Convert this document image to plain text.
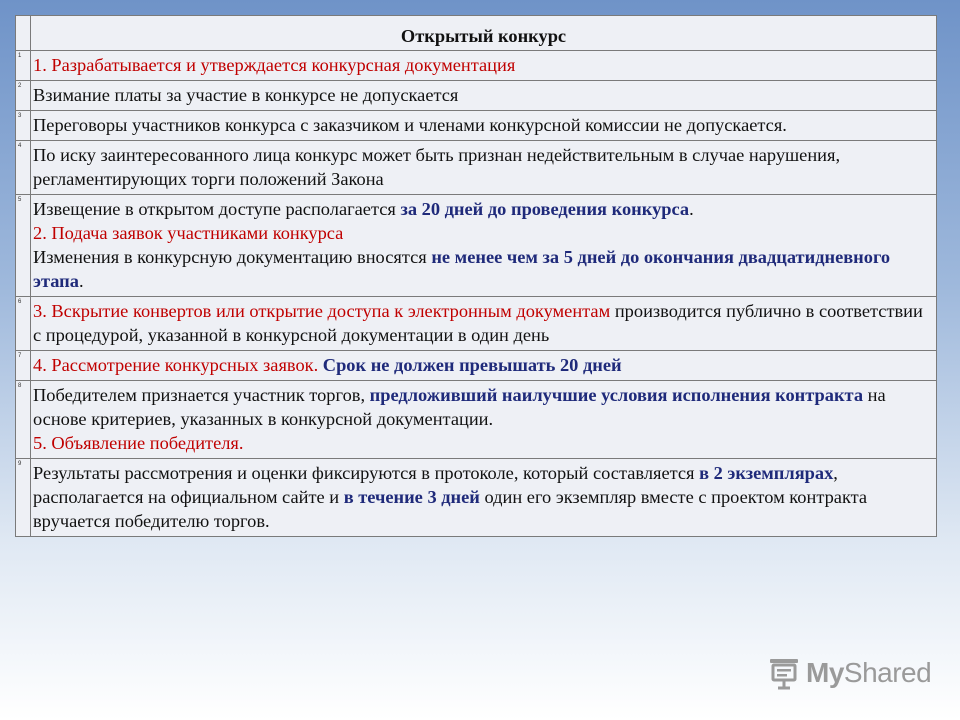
	Открытый конкурс
1	1. Разрабатывается и утверждается конкурсная документация
2	Взимание платы за участие в конкурсе не допускается
3	Переговоры участников конкурса с заказчиком и членами конкурсной комиссии не допускается.
4	По иску заинтересованного лица конкурс может быть признан недействительным в случае нарушения, регламентирующих торги положений Закона
5	Извещение в открытом доступе располагается за 20 дней до проведения конкурса.
2. Подача заявок участниками конкурса
Изменения в конкурсную документацию вносятся не менее чем за 5 дней до окончания двадцатидневного этапа.
6	3. Вскрытие конвертов или открытие доступа к электронным документам производится публично в соответствии с процедурой, указанной в конкурсной документации в один день
7	4. Рассмотрение конкурсных заявок. Срок не должен превышать 20 дней
8	Победителем признается участник торгов, предложивший наилучшие условия исполнения контракта на основе критериев, указанных в конкурсной документации.
5. Объявление победителя.
9	Результаты рассмотрения и оценки фиксируются в протоколе, который составляется в 2 экземплярах, располагается на официальном сайте и в течение 3 дней один его экземпляр вместе с проектом контракта вручается победителю торгов.
MyShared
